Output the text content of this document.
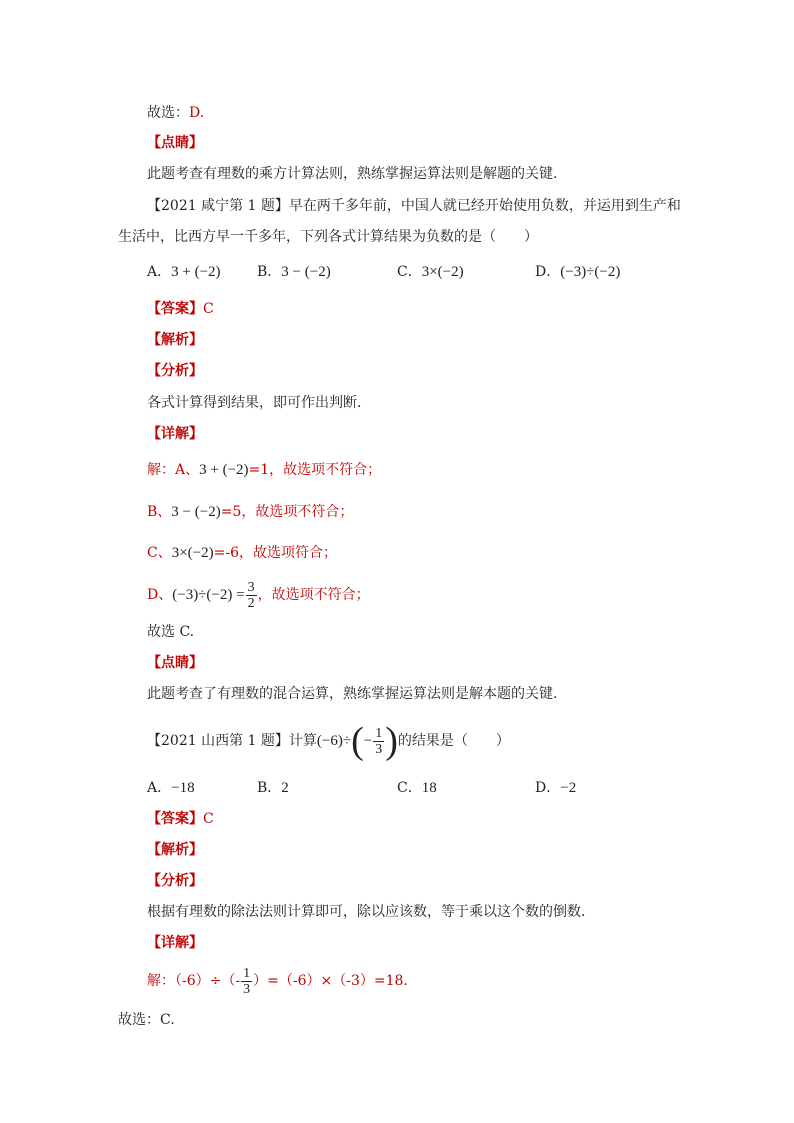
故选：D.
【点睛】
此题考查有理数的乘方计算法则，熟练掌握运算法则是解题的关键.
【2021 咸宁第 1 题】早在两千多年前，中国人就已经开始使用负数，并运用到生产和
生活中，比西方早一千多年，下列各式计算结果为负数的是（　　）
A．3 + (−2)	B．3 − (−2)	C．3×(−2)	D．(−3)÷(−2)
【答案】C
【解析】
【分析】
各式计算得到结果，即可作出判断.
【详解】
解：A、3 + (−2)=1，故选项不符合；
B、3 − (−2)=5，故选项不符合；
C、3×(−2)=-6，故选项符合；
D、$(-3)\div(-2) = \frac{3}{2}$ ，故选项不符合；
故选 C.
【点睛】
此题考查了有理数的混合运算，熟练掌握运算法则是解本题的关键.
【2021 山西第 1 题】计算$(-6)\div(- \frac{1}{3}$ )的结果是（　　）
A．−18	B．2	C．18	D．−2
【答案】C
【解析】
【分析】
根据有理数的除法法则计算即可，除以应该数，等于乘以这个数的倒数.
【详解】
解：$(-6)\div(- \frac{1}{3} )=(-6)\times(-3)=18$.
故选：C.
